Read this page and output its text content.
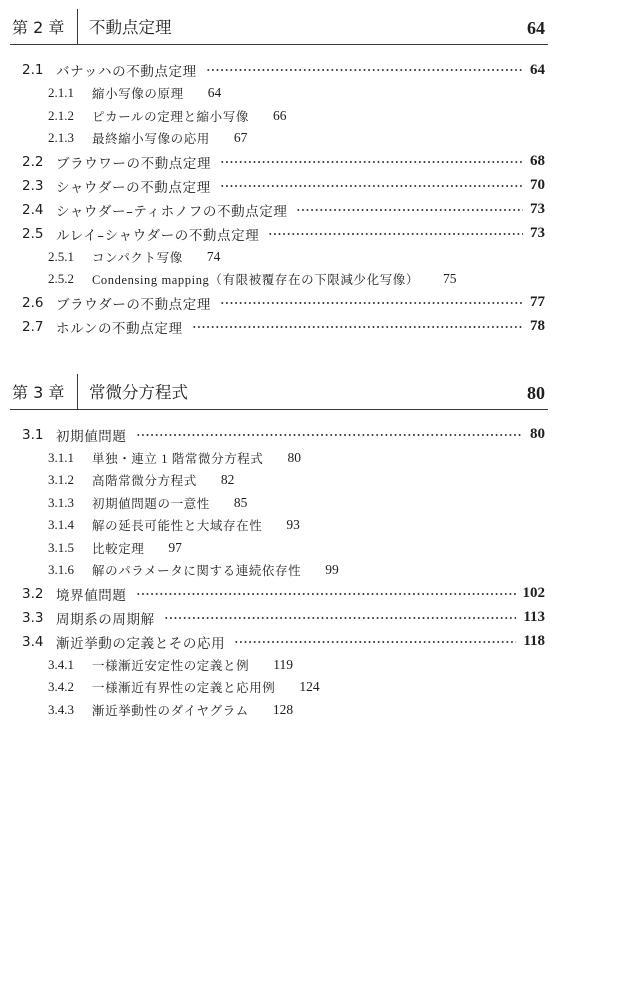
第 2 章	不動点定理	64
2.1 バナッハの不動点定理	64
2.1.1	縮小写像の原理 64
2.1.2	ピカールの定理と縮小写像 66
2.1.3	最終縮小写像の応用 67
2.2 ブラウワーの不動点定理	68
2.3 シャウダーの不動点定理	70
2.4 シャウダー–ティホノフの不動点定理	73
2.5 ルレイ–シャウダーの不動点定理	73
2.5.1	コンパクト写像 74
2.5.2	Condensing mapping（有限被覆存在の下限減少化写像） 75
2.6 ブラウダーの不動点定理	77
2.7 ホルンの不動点定理	78
第 3 章	常微分方程式	80
3.1 初期値問題	80
3.1.1	単独・連立 1 階常微分方程式 80
3.1.2	高階常微分方程式 82
3.1.3	初期値問題の一意性 85
3.1.4	解の延長可能性と大域存在性 93
3.1.5	比較定理 97
3.1.6	解のパラメータに関する連続依存性 99
3.2 境界値問題	102
3.3 周期系の周期解	113
3.4 漸近挙動の定義とその応用	118
3.4.1	一様漸近安定性の定義と例 119
3.4.2	一様漸近有界性の定義と応用例 124
3.4.3	漸近挙動性のダイヤグラム 128
